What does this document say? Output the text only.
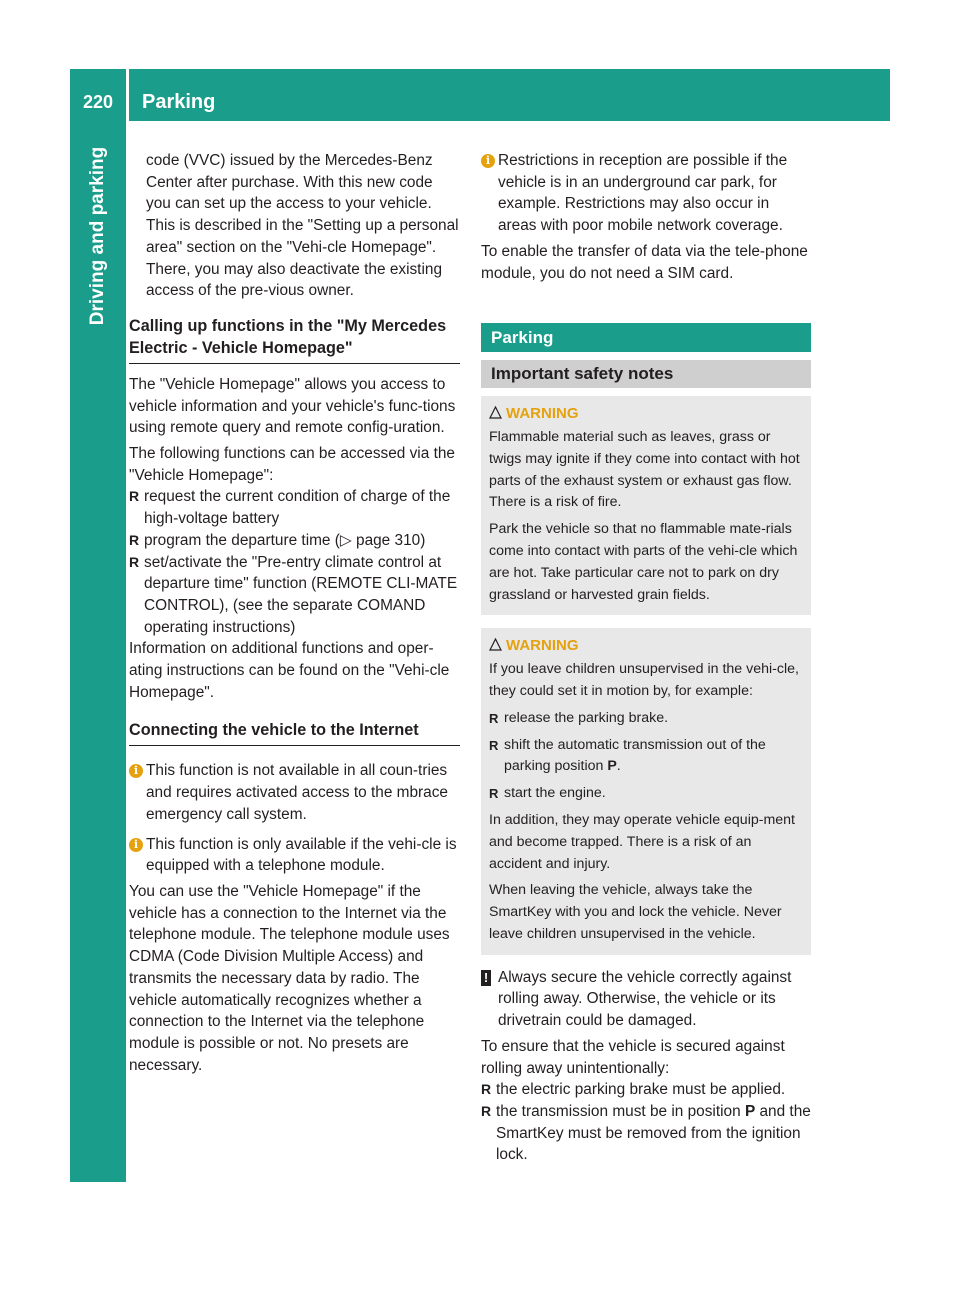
220	Parking
Driving and parking	code (VVC) issued by the Mercedes-Benz Center after purchase. With this new code you can set up the access to your vehicle. This is described in the "Setting up a personal area" section on the "Vehi-cle Homepage". There, you may also deactivate the existing access of the pre-vious owner.

Calling up functions in the "My Mercedes Electric - Vehicle Homepage"

The "Vehicle Homepage" allows you access to vehicle information and your vehicle's func-tions using remote query and remote config-uration.

The following functions can be accessed via the "Vehicle Homepage":

R request the current condition of charge of the high-voltage battery

R program the departure time (▷ page 310)

R set/activate the "Pre-entry climate control at departure time" function (REMOTE CLI-MATE CONTROL), (see the separate COMAND operating instructions)

Information on additional functions and oper-ating instructions can be found on the "Vehi-cle Homepage".

Connecting the vehicle to the Internet
i This function is not available in all coun-tries and requires activated access to the mbrace emergency call system.

i This function is only available if the vehi-cle is equipped with a telephone module.

You can use the "Vehicle Homepage" if the vehicle has a connection to the Internet via the telephone module. The telephone module uses CDMA (Code Division Multiple Access) and transmits the necessary data by radio. The vehicle automatically recognizes whether a connection to the Internet via the telephone module is possible or not. No presets are necessary.

i Restrictions in reception are possible if the vehicle is in an underground car park, for example. Restrictions may also occur in areas with poor mobile network coverage.

To enable the transfer of data via the tele-phone module, you do not need a SIM card.

Parking
Important safety notes
WARNING

Flammable material such as leaves, grass or twigs may ignite if they come into contact with hot parts of the exhaust system or exhaust gas flow. There is a risk of fire.

Park the vehicle so that no flammable mate-rials come into contact with parts of the vehi-cle which are hot. Take particular care not to park on dry grassland or harvested grain fields.

WARNING

If you leave children unsupervised in the vehi-cle, they could set it in motion by, for example:

R release the parking brake.

R shift the automatic transmission out of the parking position P.

R start the engine.

In addition, they may operate vehicle equip-ment and become trapped. There is a risk of an accident and injury.

When leaving the vehicle, always take the SmartKey with you and lock the vehicle. Never leave children unsupervised in the vehicle.

! Always secure the vehicle correctly against rolling away. Otherwise, the vehicle or its drivetrain could be damaged.

To ensure that the vehicle is secured against rolling away unintentionally:

R the electric parking brake must be applied.

R the transmission must be in position P and the SmartKey must be removed from the ignition lock.
